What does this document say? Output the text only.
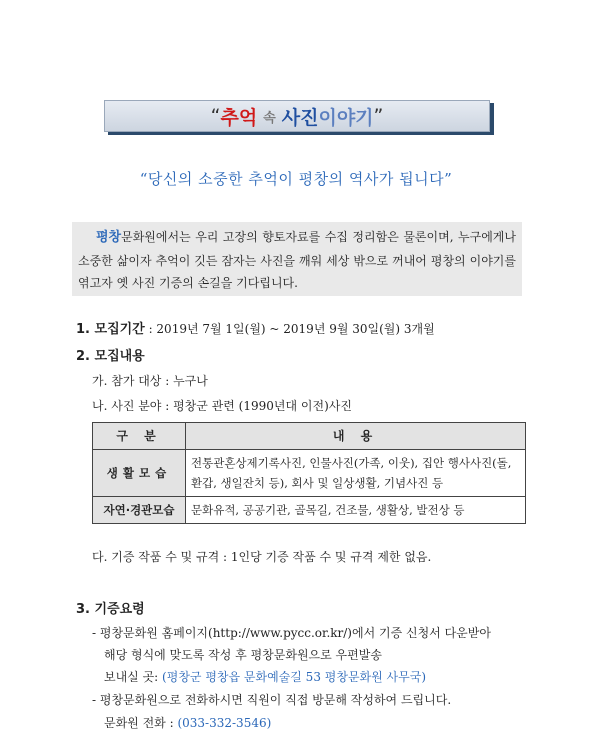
“ 추억 속 사진 이야기 ”
“당신의 소중한 추억이 평창의 역사가 됩니다”

평창문화원에서는 우리 고장의 향토자료를 수집 정리함은 물론이며, 누구에게나 소중한 삶이자 추억이 깃든 잠자는 사진을 깨워 세상 밖으로 꺼내어 평창의 이야기를 엮고자 옛 사진 기증의 손길을 기다립니다.

1. 모집기간 : 2019년 7월 1일(월) ~ 2019년 9월 30일(월) 3개월
2. 모집내용
가. 참가 대상 : 누구나
나. 사진 분야 : 평창군 관련 (1990년대 이전)사진
구 분	내 용
생활모습	전통관혼상제기록사진, 인물사진(가족, 이웃), 집안 행사사진(돌, 환갑, 생일잔치 등), 회사 및 일상생활, 기념사진 등
자연·경관모습	문화유적, 공공기관, 골목길, 건조물, 생활상, 발전상 등
다. 기증 작품 수 및 규격 : 1인당 기증 작품 수 및 규격 제한 없음.
3. 기증요령
- 평창문화원 홈페이지(http://www.pycc.or.kr/)에서 기증 신청서 다운받아
해당 형식에 맞도록 작성 후 평창문화원으로 우편발송
보내실 곳: (평창군 평창읍 문화예술길 53 평창문화원 사무국)
- 평창문화원으로 전화하시면 직원이 직접 방문해 작성하여 드립니다.
문화원 전화 : (033-332-3546)
